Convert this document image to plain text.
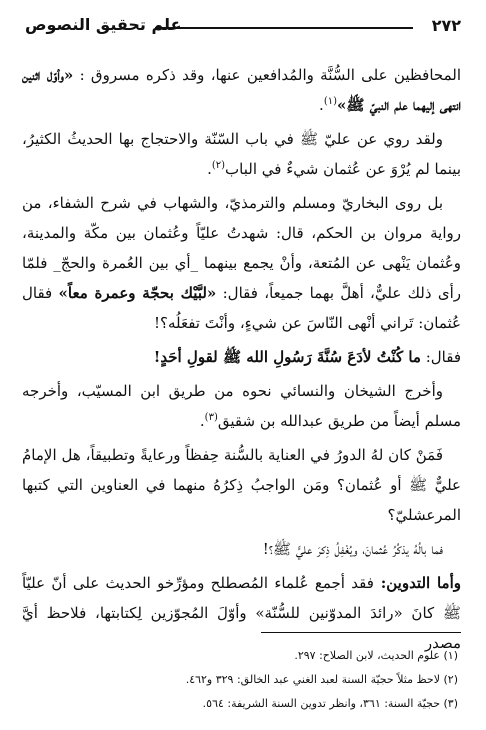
٢٧٢
علم تحقيق النصوص

المحافظين على السُّنَّة والمُدافعين عنها، وقد ذكره مسروق : «وأوّل اثنين انتهى إليهما علم النبيّ ﷺ»$^{(١)}$.

ولقد روي عن عليّ ﷺ في باب السّنّة والاحتجاج بها الحديثُ الكثيرُ، بينما لم يُرْوَ عن عُثمان شيءٌ في الباب$^{(٢)}$.

بل روى البخاريّ ومسلم والترمذيّ، والشهاب في شرح الشفاء، من رواية مروان بن الحكم، قال: شهدتُ عليّاً وعُثمان بين مكّة والمدينة، وعُثمان يَنْهى عن المُتعة، وأنْ يجمع بينهما _أي بين العُمرة والحجّ_ فلمّا رأى ذلك عليٌّ، أهلَّ بهما جميعاً، فقال: «لبَّيْك بحجّة وعمرة معاً» فقال عُثمان: تَراني أنْهى النّاسَ عن شيءٍ، وأنْتَ تفعَلُه؟!

فقال: ما كُنْتُ لأدَعَ سُنَّةَ رَسُولِ الله ﷺ لقولِ أحَدٍ!

وأخرج الشيخان والنسائي نحوه من طريق ابن المسيّب، وأخرجه مسلم أيضاً من طريق عبدالله بن شقيق$^{(٣)}$.

فَمَنْ كان لهُ الدورُ في العناية بالسُّنة حِفظاً ورعايةً وتطبيقاً، هل الإمامُ عليٌّ ﷺ أو عُثمان؟ ومَن الواجبُ ذِكرُهُ منهما في العناوين التي كتبها المرعشليّ؟

فما بالُهُ يذكُرُ عُثمانَ، ويُغْفِلُ ذِكرَ عليٍّ ﷺ؟!

وأما التدوين: فقد أجمع عُلماء المُصطلح ومؤرِّخو الحديث على أنّ عليّاً ﷺ كانَ «رائدَ المدوّنين للسُّنّة» وأوّلَ المُجوّزين لِكتابتها، فلاحظ أيَّ مصدر

(١) علوم الحديث، لابن الصلاح: ٢٩٧.
(٢) لاحظ مثلاً حجيّة السنة لعبد الغني عبد الخالق: ٣٢٩ و٤٦٢.
(٣) حجيّة السنة: ٣٦١، وانظر تدوين السنة الشريفة: ٥٦٤.
